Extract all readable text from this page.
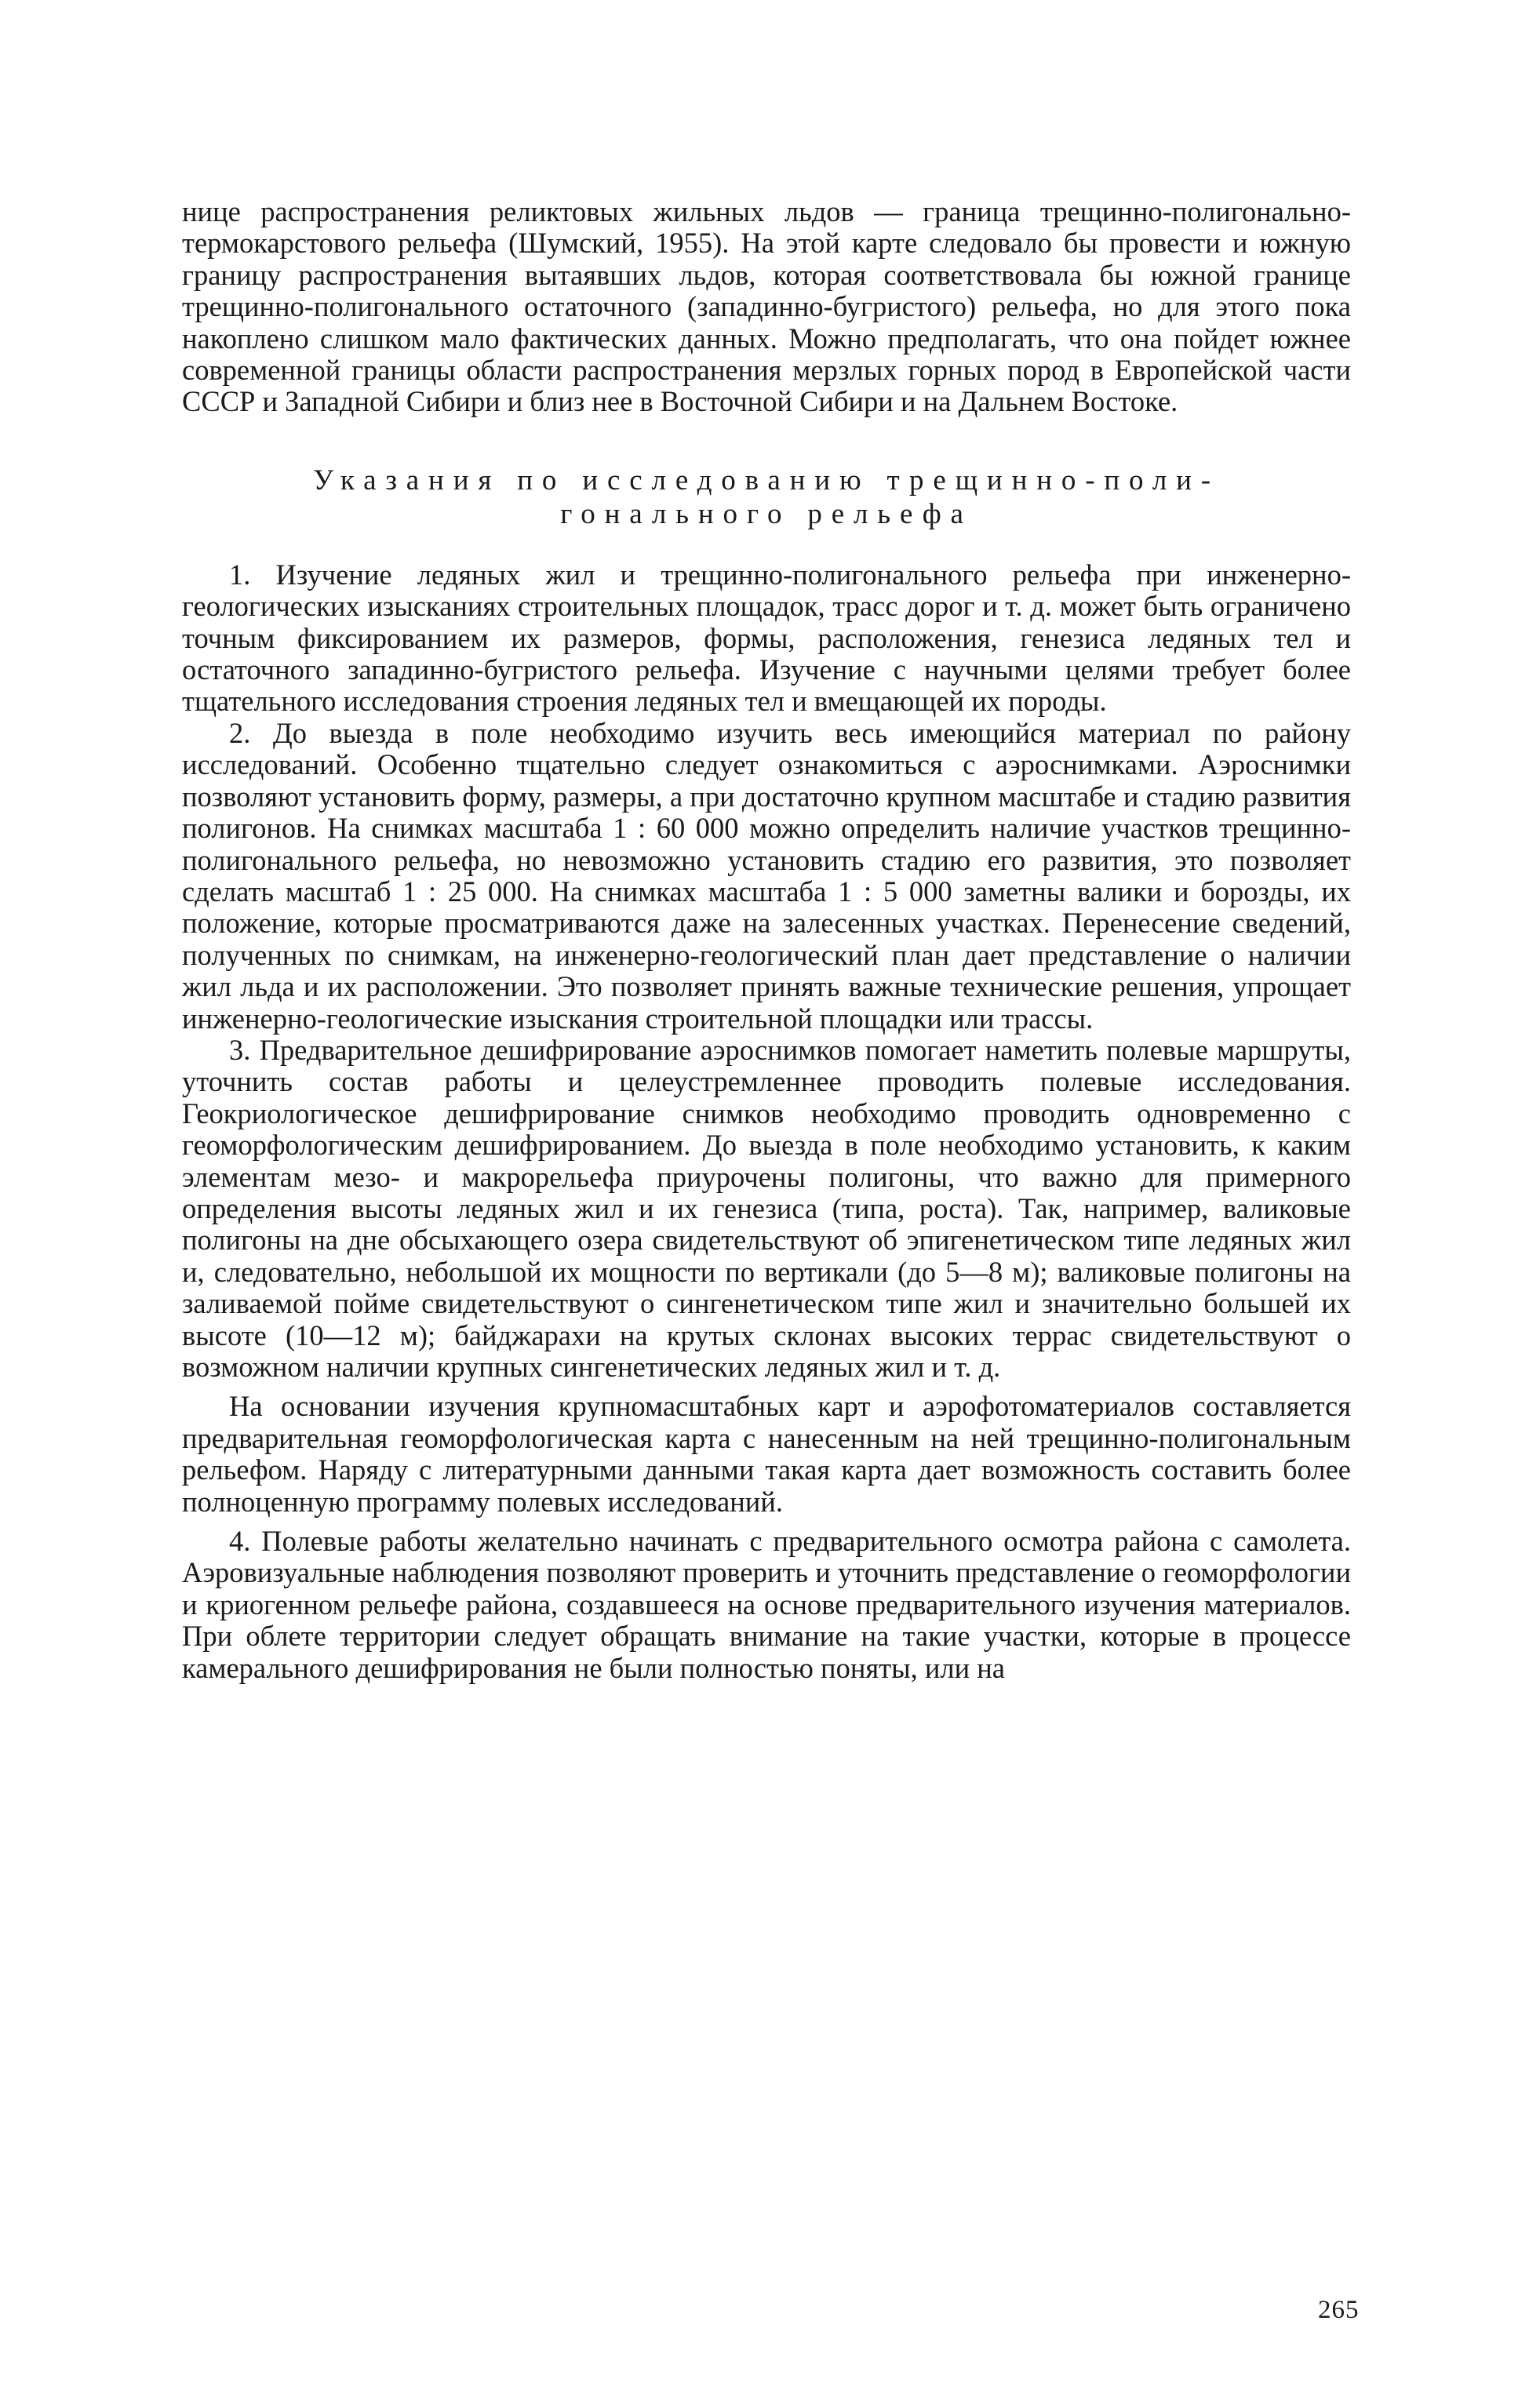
нице распространения реликтовых жильных льдов — граница трещинно-полигонально-термокарстового рельефа (Шумский, 1955). На этой карте следовало бы провести и южную границу распространения вытаявших льдов, которая соответствовала бы южной границе трещинно-полигонального остаточного (западинно-бугристого) рельефа, но для этого пока накоплено слишком мало фактических данных. Можно предполагать, что она пойдет южнее современной границы области распространения мерзлых горных пород в Европейской части СССР и Западной Сибири и близ нее в Восточной Сибири и на Дальнем Востоке.

Указания по исследованию трещинно-поли-
гонального рельефа

1. Изучение ледяных жил и трещинно-полигонального рельефа при инженерно-геологических изысканиях строительных площадок, трасс дорог и т. д. может быть ограничено точным фиксированием их размеров, формы, расположения, генезиса ледяных тел и остаточного западинно-бугристого рельефа. Изучение с научными целями требует более тщательного исследования строения ледяных тел и вмещающей их породы.

2. До выезда в поле необходимо изучить весь имеющийся материал по району исследований. Особенно тщательно следует ознакомиться с аэроснимками. Аэроснимки позволяют установить форму, размеры, а при достаточно крупном масштабе и стадию развития полигонов. На снимках масштаба 1 : 60 000 можно определить наличие участков трещинно-полигонального рельефа, но невозможно установить стадию его развития, это позволяет сделать масштаб 1 : 25 000. На снимках масштаба 1 : 5 000 заметны валики и борозды, их положение, которые просматриваются даже на залесенных участках. Перенесение сведений, полученных по снимкам, на инженерно-геологический план дает представление о наличии жил льда и их расположении. Это позволяет принять важные технические решения, упрощает инженерно-геологические изыскания строительной площадки или трассы.

3. Предварительное дешифрирование аэроснимков помогает наметить полевые маршруты, уточнить состав работы и целеустремленнее проводить полевые исследования. Геокриологическое дешифрирование снимков необходимо проводить одновременно с геоморфологическим дешифрированием. До выезда в поле необходимо установить, к каким элементам мезо- и макрорельефа приурочены полигоны, что важно для примерного определения высоты ледяных жил и их генезиса (типа, роста). Так, например, валиковые полигоны на дне обсыхающего озера свидетельствуют об эпигенетическом типе ледяных жил и, следовательно, небольшой их мощности по вертикали (до 5—8 м); валиковые полигоны на заливаемой пойме свидетельствуют о сингенетическом типе жил и значительно большей их высоте (10—12 м); байджарахи на крутых склонах высоких террас свидетельствуют о возможном наличии крупных сингенетических ледяных жил и т. д.

На основании изучения крупномасштабных карт и аэрофотоматериалов составляется предварительная геоморфологическая карта с нанесенным на ней трещинно-полигональным рельефом. Наряду с литературными данными такая карта дает возможность составить более полноценную программу полевых исследований.

4. Полевые работы желательно начинать с предварительного осмотра района с самолета. Аэровизуальные наблюдения позволяют проверить и уточнить представление о геоморфологии и криогенном рельефе района, создавшееся на основе предварительного изучения материалов. При облете территории следует обращать внимание на такие участки, которые в процессе камерального дешифрирования не были полностью поняты, или на

265
